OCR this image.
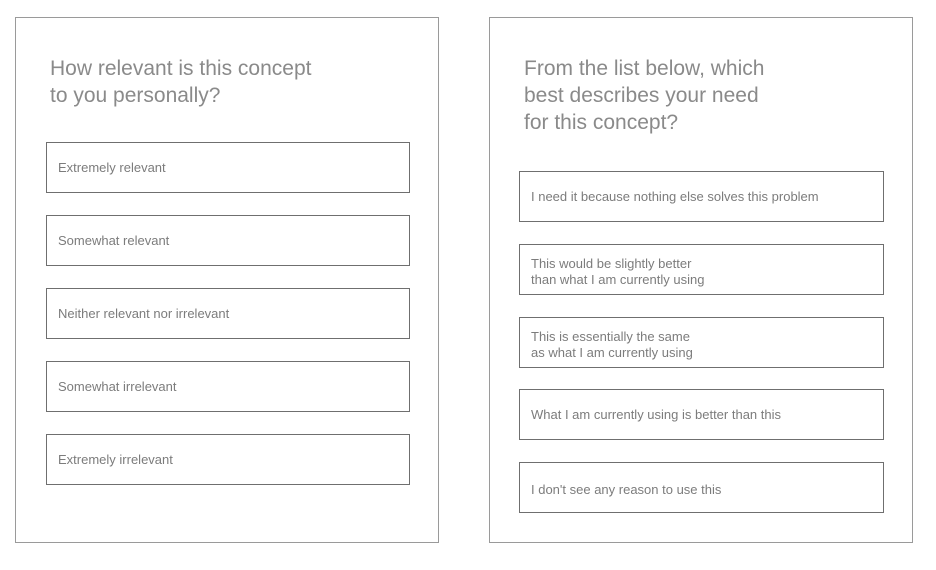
How relevant is this concept
to you personally?
Extremely relevant
Somewhat relevant
Neither relevant nor irrelevant
Somewhat irrelevant
Extremely irrelevant
From the list below, which
best describes your need
for this concept?
I need it because nothing else solves this problem
This would be slightly better
than what I am currently using
This is essentially the same
as what I am currently using
What I am currently using is better than this
I don't see any reason to use this
